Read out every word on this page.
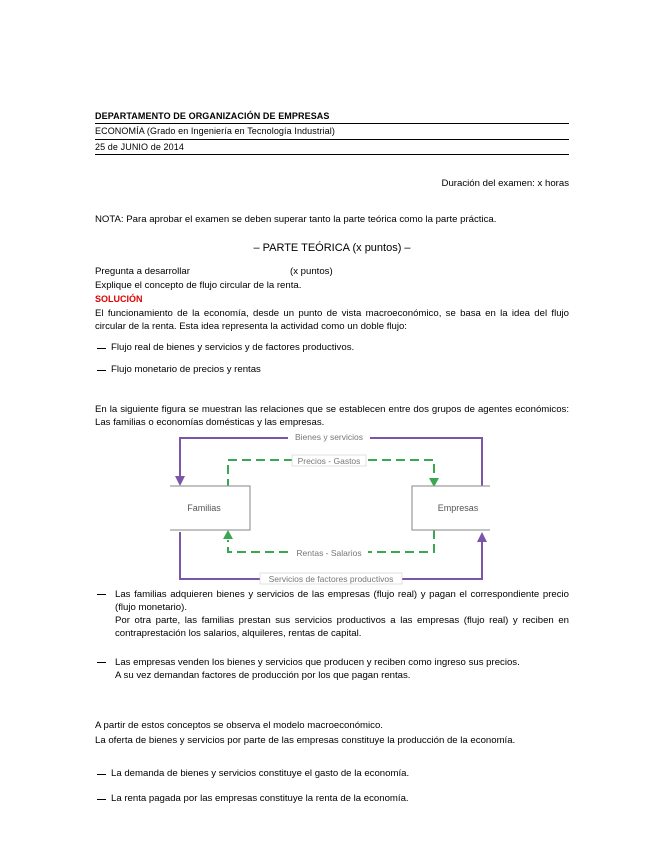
DEPARTAMENTO DE ORGANIZACIÓN DE EMPRESAS
ECONOMÍA (Grado en Ingeniería en Tecnología Industrial)
25 de JUNIO de 2014
Duración del examen: x horas
NOTA: Para aprobar el examen se deben superar tanto la parte teórica como la parte práctica.
– PARTE TEÓRICA (x puntos) –
Pregunta a desarrollar	(x puntos)
Explique el concepto de flujo circular de la renta.
SOLUCIÓN
El funcionamiento de la economía, desde un punto de vista macroeconómico, se basa en la idea del flujo circular de la renta. Esta idea representa la actividad como un doble flujo:
Flujo real de bienes y servicios y de factores productivos.
Flujo monetario de precios y rentas
En la siguiente figura se muestran las relaciones que se establecen entre dos grupos de agentes económicos: Las familias o economías domésticas y las empresas.
Familias	Empresas
Bienes y servicios
Precios - Gastos
Rentas - Salarios
Servicios de factores productivos
Las familias adquieren bienes y servicios de las empresas (flujo real) y pagan el correspondiente precio (flujo monetario).
Por otra parte, las familias prestan sus servicios productivos a las empresas (flujo real) y reciben en contraprestación los salarios, alquileres, rentas de capital.
Las empresas venden los bienes y servicios que producen y reciben como ingreso sus precios.
A su vez demandan factores de producción por los que pagan rentas.
A partir de estos conceptos se observa el modelo macroeconómico.
La oferta de bienes y servicios por parte de las empresas constituye la producción de la economía.
La demanda de bienes y servicios constituye el gasto de la economía.
La renta pagada por las empresas constituye la renta de la economía.
